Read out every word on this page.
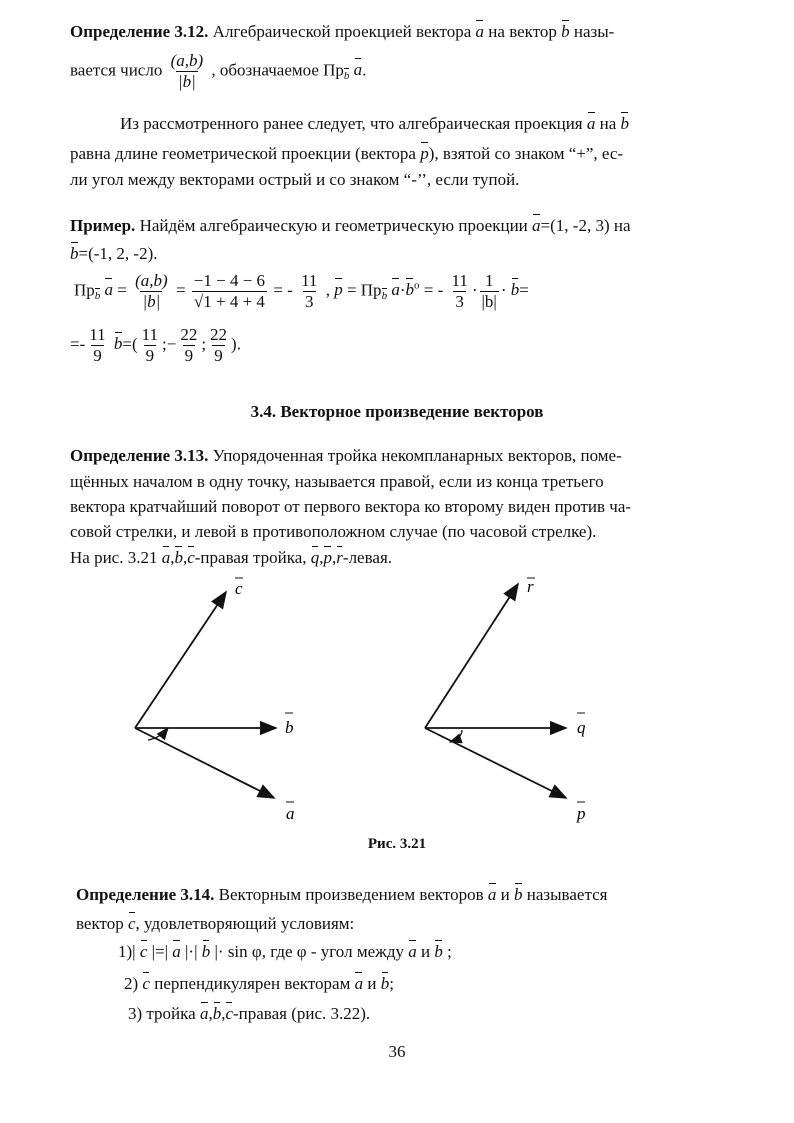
Определение 3.12. Алгебраической проекцией вектора a на вектор b назы-
вается число $\frac{(a,b)}{|b|}$ , обозначаемое Прb a.
Из рассмотренного ранее следует, что алгебраическая проекция a на b
равна длине геометрической проекции (вектора p), взятой со знаком “+”, ес-
ли угол между векторами острый и со знаком “-’’, если тупой.
Пример. Найдём алгебраическую и геометрическую проекции a=(1, -2, 3) на
b=(-1, 2, -2).
Прb $a = \frac{(a,b)}{|b|} = \frac{-1 - 4 - 6}{√1 + 4 + 4}$ = - $\frac{11}{3}$ , p = Прb $a\cdot b^o$ = - $\frac{11}{3} \cdot \frac{1}{|b|} \cdot b=$
=- $\frac{11}{9} b=( \frac{11}{9}$ ;− $\frac{22}{9}$ ; $\frac{22}{9}$ ).
3.4. Векторное произведение векторов
Определение 3.13. Упорядоченная тройка некомпланарных векторов, поме-
щённых началом в одну точку, называется правой, если из конца третьего
вектора кратчайший поворот от первого вектора ко второму виден против ча-
совой стрелки, и левой в противоположном случае (по часовой стрелке).
На рис. 3.21 a,b,c-правая тройка, q,p,r-левая.
c
b
a
r
q
p
Рис. 3.21
Определение 3.14. Векторным произведением векторов a и b называется
вектор c, удовлетворяющий условиям:
1)| c |=| a |·| b |· sin φ, где φ - угол между a и b ;
2) c перпендикулярен векторам a и b;
3) тройка a,b,c-правая (рис. 3.22).
36
